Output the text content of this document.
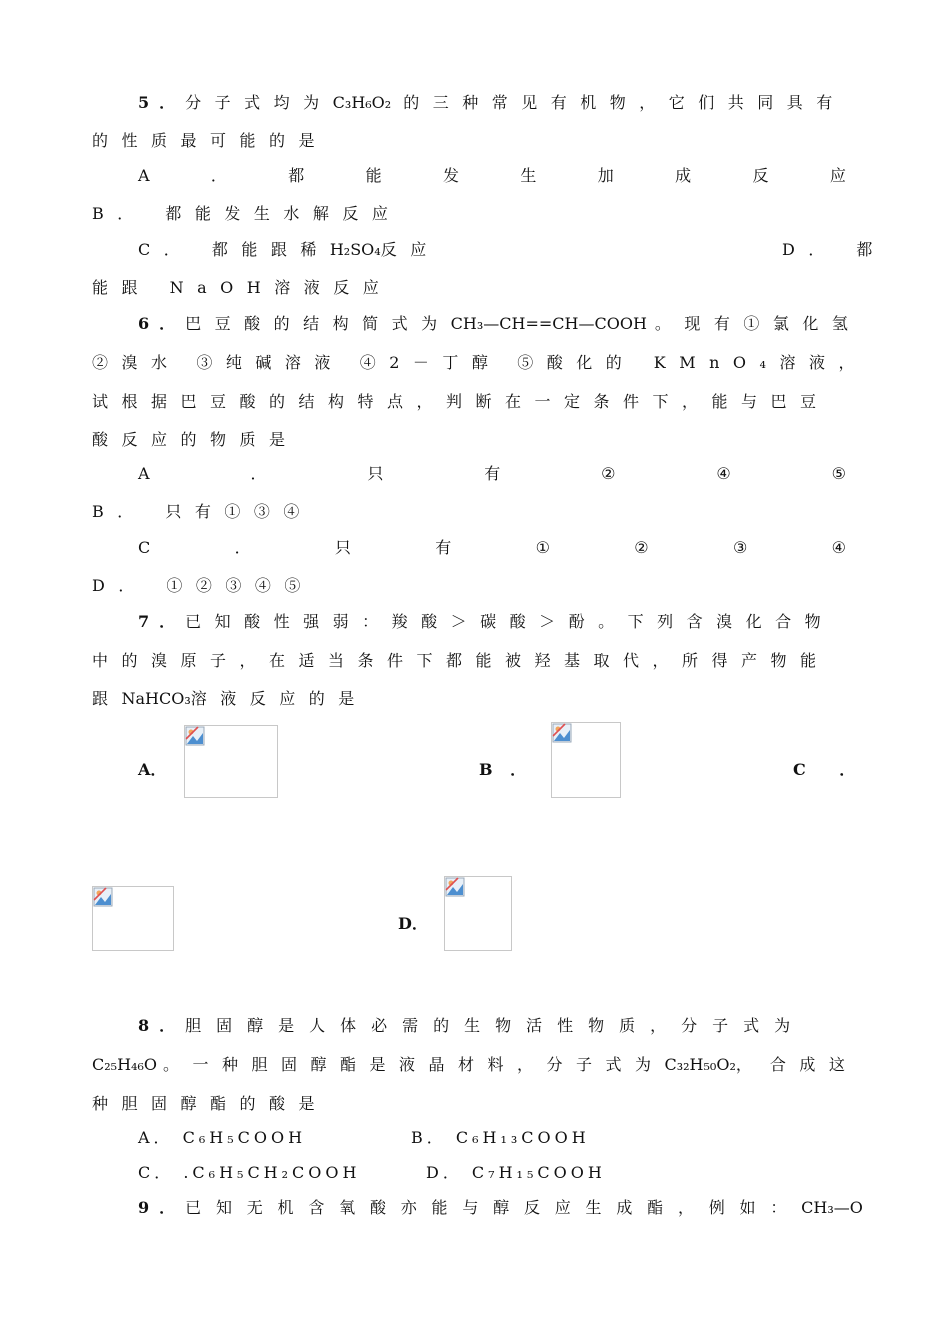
5．分子式均为C₃H₆O₂ 的三种常见有机物，它们共同具有
的性质最可能的是
A	．	都	能	发	生	加	成	反	应
B． 都能发生水解反应
C． 都能跟稀H₂SO₄反应	D． 都
能跟 NaOH溶液反应
6．巴豆酸的结构简式为CH₃—CH==CH—COOH 。现有①氯化氢
②溴水 ③纯碱溶液 ④2－丁醇 ⑤酸化的 KMnO₄溶液，
试根据巴豆酸的结构特点，判断在一定条件下，能与巴豆
酸反应的物质是
A	．	只	有	②	④	⑤
B． 只有①③④
C	．	只	有	①	②	③	④
D． ①②③④⑤
7．已知酸性强弱：羧酸＞碳酸＞酚。下列含溴化合物
中的溴原子，在适当条件下都能被羟基取代，所得产物能
跟NaHCO₃溶液反应的是
A．	B ．	C ．
D．
8．胆固醇是人体必需的生物活性物质，分子式为
C₂₅H₄₆O 。一种胆固醇酯是液晶材料，分子式为C₃₂H₅₀O₂， 合成这
种胆固醇酯的酸是
A． C₆H₅COOH	B． C₆H₁₃COOH
C． .C₆H₅CH₂COOH	D． C₇H₁₅COOH
9．已知无机含氧酸亦能与醇反应生成酯，例如：CH₃—O
